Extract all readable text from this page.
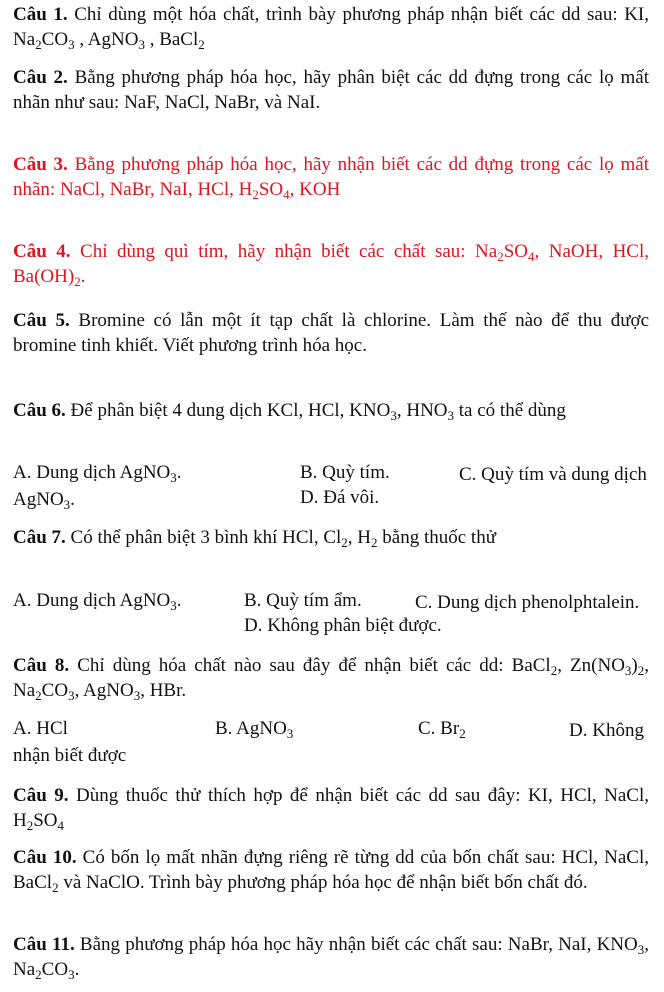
Câu 1. Chỉ dùng một hóa chất, trình bày phương pháp nhận biết các dd sau: KI, $Na_2CO_3$ , AgNO$_3$ , BaCl$_2$
Câu 2. Bằng phương pháp hóa học, hãy phân biệt các dd đựng trong các lọ mất nhãn như sau: NaF, NaCl, NaBr, và NaI.
Câu 3. Bằng phương pháp hóa học, hãy nhận biết các dd đựng trong các lọ mất nhãn: NaCl, NaBr, NaI, HCl, $H_2SO_4$, KOH
Câu 4. Chỉ dùng quì tím, hãy nhận biết các chất sau: $Na_2SO_4$, NaOH, HCl, $Ba(OH)_2$.
Câu 5. Bromine có lẫn một ít tạp chất là chlorine. Làm thế nào để thu được bromine tinh khiết. Viết phương trình hóa học.
Câu 6. Để phân biệt 4 dung dịch KCl, HCl, $KNO_3$, $HNO_3$ ta có thể dùng
A. Dung dịch AgNO$_3$.	B. Quỳ tím.	C. Quỳ tím và dung dịch AgNO$_3$.	D. Đá vôi.
Câu 7. Có thể phân biệt 3 bình khí HCl, $Cl_2$, $H_2$ bằng thuốc thử
A. Dung dịch AgNO$_3$.	B. Quỳ tím ẩm.	C. Dung dịch phenolphtalein.
D. Không phân biệt được.
Câu 8. Chỉ dùng hóa chất nào sau đây để nhận biết các dd: BaCl$_2$, $Zn(NO_3)_2$, $Na_2CO_3$, AgNO$_3$, HBr.
A. HCl	B. AgNO$_3$	C. $Br_2$	D. Không nhận biết được
Câu 9. Dùng thuốc thử thích hợp để nhận biết các dd sau đây: KI, HCl, NaCl, $H_2SO_4$
Câu 10. Có bốn lọ mất nhãn đựng riêng rẽ từng dd của bốn chất sau: HCl, NaCl, BaCl$_2$ và NaClO. Trình bày phương pháp hóa học để nhận biết bốn chất đó.
Câu 11. Bằng phương pháp hóa học hãy nhận biết các chất sau: NaBr, NaI, $KNO_3$, $Na_2CO_3$.
